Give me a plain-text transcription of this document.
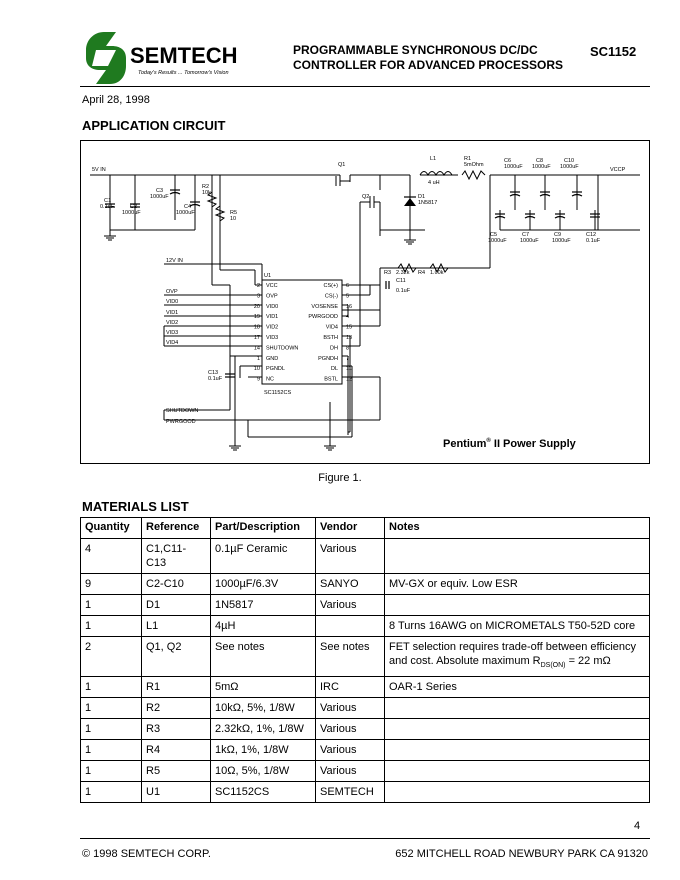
SEMTECH
Today's Results ... Tomorrow's Vision
PROGRAMMABLE SYNCHRONOUS DC/DC
CONTROLLER FOR ADVANCED PROCESSORS
SC1152
April 28, 1998
APPLICATION CIRCUIT
5V IN
12V IN
VCCP
OVP
VID0
VID1
VID2
VID3
VID4
SHUTDOWN
PWRGOOD
C1
0.1uF	C2
1000uF
C3
1000uF
C4
1000uF
R2
10k
R5
10
Q1
Q2	D1
1N5817
L1
4 uH
R1
5mOhm
C6
1000uF
C8
1000uF
C10
1000uF
C5
1000uF
C7
1000uF
C9
1000uF
C12
0.1uF
R3 2.32k R4 1.00k
C11
0.1uF
C13
0.1uF
U1
SC1152CS
2 VCC
3 OVP
20 VID0
19 VID1
18 VID2
17 VID3
14 SHUTDOWN
1 GND
10 PGNDL
9 NC
CS(+) 6
CS(-) 5
VOSENSE 16
PWRGOOD 4
VID4 15
BSTH 13
DH 8
PGNDH 7
DL 11
BSTL 12
Pentium® II Power Supply
Figure 1.
MATERIALS LIST
Quantity	Reference	Part/Description	Vendor	Notes
4	C1,C11-C13	0.1µF Ceramic	Various	
9	C2-C10	1000µF/6.3V	SANYO	MV-GX or equiv. Low ESR
1	D1	1N5817	Various	
1	L1	4µH		8 Turns 16AWG on MICROMETALS T50-52D core
2	Q1, Q2	See notes	See notes	FET selection requires trade-off between efficiency
and cost. Absolute maximum $R_{DS(ON)} = 22$ mΩ

1	R1	5mΩ	IRC	OAR-1 Series
1	R2	10kΩ, 5%, 1/8W	Various	
1	R3	2.32kΩ, 1%, 1/8W	Various	
1	R4	1kΩ, 1%, 1/8W	Various	
1	R5	10Ω, 5%, 1/8W	Various	
1	U1	SC1152CS	SEMTECH	
4
© 1998 SEMTECH CORP.	652 MITCHELL ROAD NEWBURY PARK CA 91320
